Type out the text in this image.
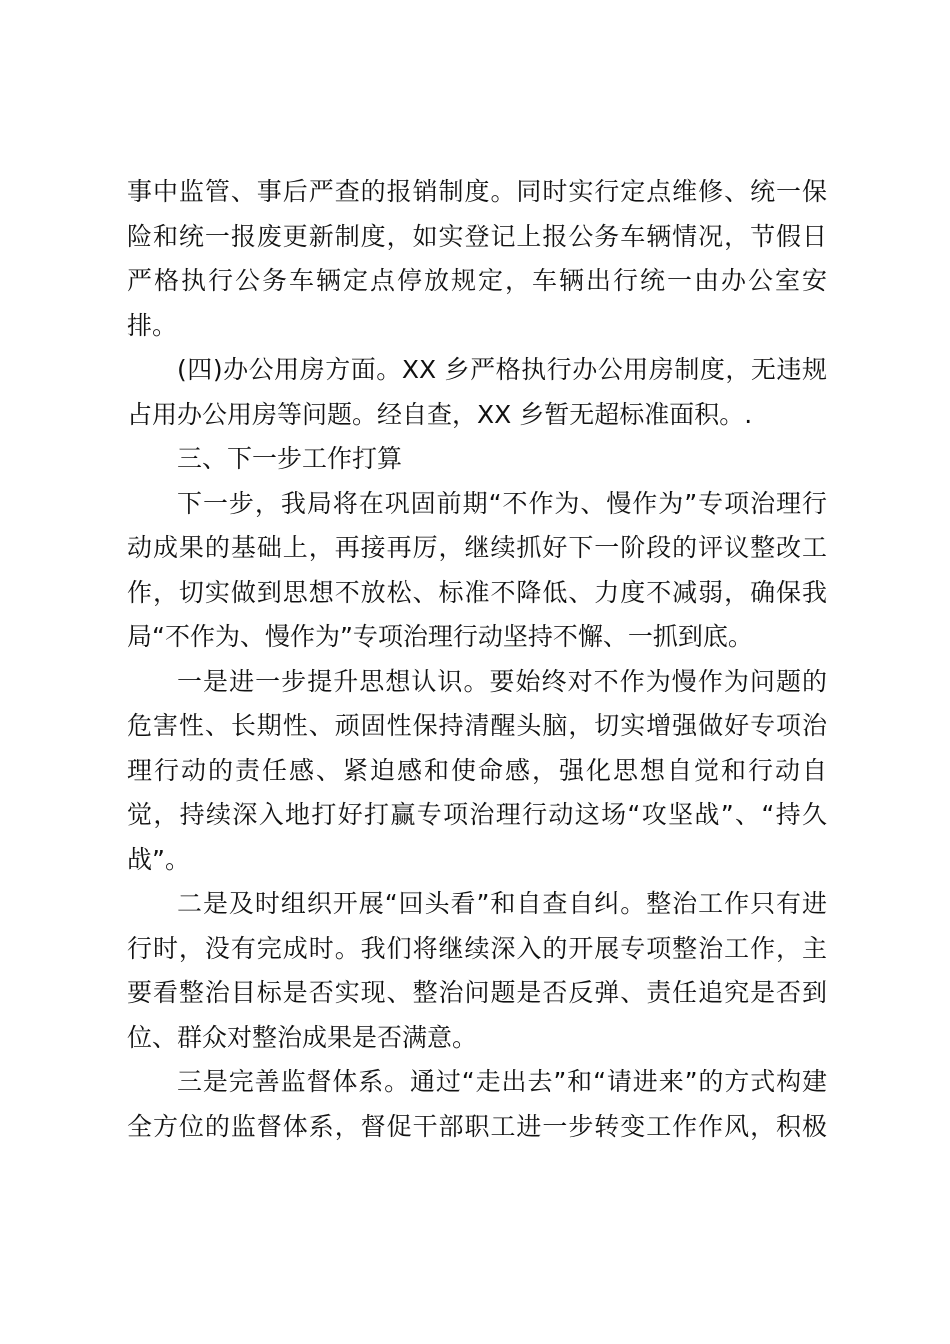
事中监管、事后严查的报销制度。同时实行定点维修、统一保
险和统一报废更新制度，如实登记上报公务车辆情况，节假日
严格执行公务车辆定点停放规定，车辆出行统一由办公室安
排。
(四)办公用房方面。XX 乡严格执行办公用房制度，无违规
占用办公用房等问题。经自查，XX 乡暂无超标准面积。.
三、下一步工作打算
下一步，我局将在巩固前期“不作为、慢作为”专项治理行
动成果的基础上，再接再厉，继续抓好下一阶段的评议整改工
作，切实做到思想不放松、标准不降低、力度不减弱，确保我
局“不作为、慢作为”专项治理行动坚持不懈、一抓到底。
一是进一步提升思想认识。要始终对不作为慢作为问题的
危害性、长期性、顽固性保持清醒头脑，切实增强做好专项治
理行动的责任感、紧迫感和使命感，强化思想自觉和行动自
觉，持续深入地打好打赢专项治理行动这场“攻坚战”、“持久
战”。
二是及时组织开展“回头看”和自查自纠。整治工作只有进
行时，没有完成时。我们将继续深入的开展专项整治工作，主
要看整治目标是否实现、整治问题是否反弹、责任追究是否到
位、群众对整治成果是否满意。
三是完善监督体系。通过“走出去”和“请进来”的方式构建
全方位的监督体系，督促干部职工进一步转变工作作风，积极
